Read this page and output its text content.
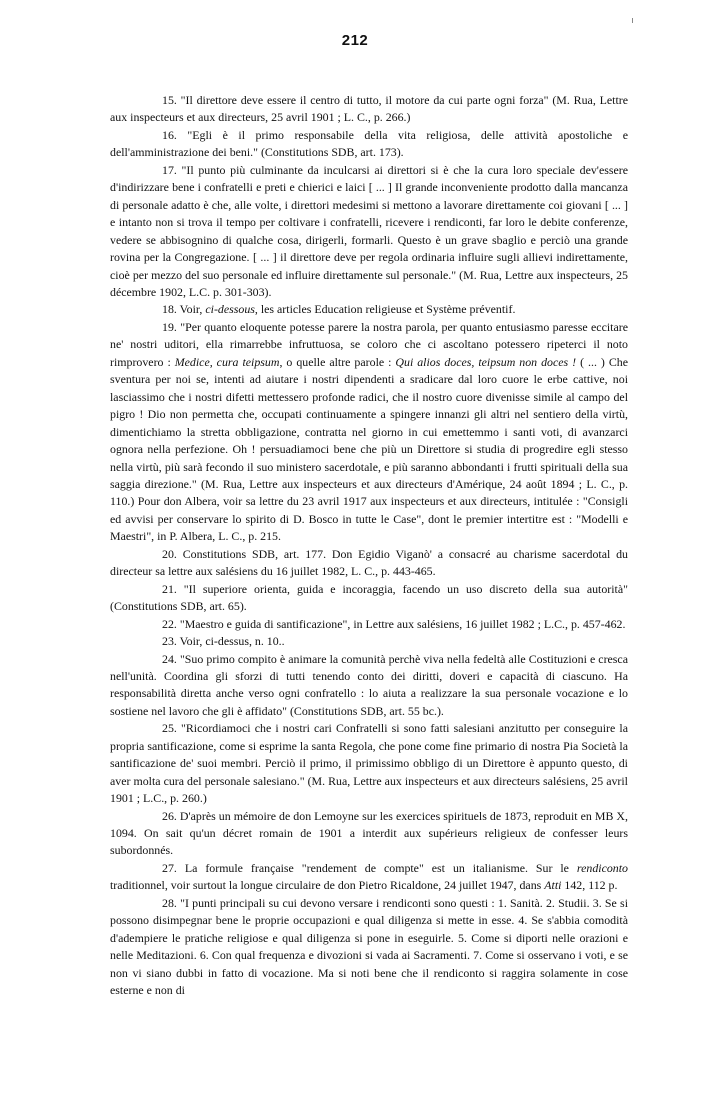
212

15. "Il direttore deve essere il centro di tutto, il motore da cui parte ogni forza" (M. Rua, Lettre aux inspecteurs et aux directeurs, 25 avril 1901 ; L. C., p. 266.)

16. "Egli è il primo responsabile della vita religiosa, delle attività apostoliche e dell'amministrazione dei beni." (Constitutions SDB, art. 173).

17. "Il punto più culminante da inculcarsi ai direttori si è che la cura loro speciale dev'essere d'indirizzare bene i confratelli e preti e chierici e laici [ ... ] Il grande inconveniente prodotto dalla mancanza di personale adatto è che, alle volte, i direttori medesimi si mettono a lavorare direttamente coi giovani [ ... ] e intanto non si trova il tempo per coltivare i confratelli, ricevere i rendiconti, far loro le debite conferenze, vedere se abbisognino di qualche cosa, dirigerli, formarli. Questo è un grave sbaglio e perciò una grande rovina per la Congregazione. [ ... ] il direttore deve per regola ordinaria influire sugli allievi indirettamente, cioè per mezzo del suo personale ed influire direttamente sul personale." (M. Rua, Lettre aux inspecteurs, 25 décembre 1902, L.C. p. 301-303).

18. Voir, ci-dessous, les articles Education religieuse et Système préventif.

19. "Per quanto eloquente potesse parere la nostra parola, per quanto entusiasmo paresse eccitare ne' nostri uditori, ella rimarrebbe infruttuosa, se coloro che ci ascoltano potessero ripeterci il noto rimprovero : Medice, cura teipsum, o quelle altre parole : Qui alios doces, teipsum non doces ! ( ... ) Che sventura per noi se, intenti ad aiutare i nostri dipendenti a sradicare dal loro cuore le erbe cattive, noi lasciassimo che i nostri difetti mettessero profonde radici, che il nostro cuore divenisse simile al campo del pigro ! Dio non permetta che, occupati continuamente a spingere innanzi gli altri nel sentiero della virtù, dimentichiamo la stretta obbligazione, contratta nel giorno in cui emettemmo i santi voti, di avanzarci ognora nella perfezione. Oh ! persuadiamoci bene che più un Direttore si studia di progredire egli stesso nella virtù, più sarà fecondo il suo ministero sacerdotale, e più saranno abbondanti i frutti spirituali della sua saggia direzione." (M. Rua, Lettre aux inspecteurs et aux directeurs d'Amérique, 24 août 1894 ; L. C., p. 110.) Pour don Albera, voir sa lettre du 23 avril 1917 aux inspecteurs et aux directeurs, intitulée : "Consigli ed avvisi per conservare lo spirito di D. Bosco in tutte le Case", dont le premier intertitre est : "Modelli e Maestri", in P. Albera, L. C., p. 215.

20. Constitutions SDB, art. 177. Don Egidio Viganò' a consacré au charisme sacerdotal du directeur sa lettre aux salésiens du 16 juillet 1982, L. C., p. 443-465.

21. "Il superiore orienta, guida e incoraggia, facendo un uso discreto della sua autorità" (Constitutions SDB, art. 65).

22. "Maestro e guida di santificazione", in Lettre aux salésiens, 16 juillet 1982 ; L.C., p. 457-462.

23. Voir, ci-dessus, n. 10..

24. "Suo primo compito è animare la comunità perchè viva nella fedeltà alle Costituzioni e cresca nell'unità. Coordina gli sforzi di tutti tenendo conto dei diritti, doveri e capacità di ciascuno. Ha responsabilità diretta anche verso ogni confratello : lo aiuta a realizzare la sua personale vocazione e lo sostiene nel lavoro che gli è affidato" (Constitutions SDB, art. 55 bc.).

25. "Ricordiamoci che i nostri cari Confratelli si sono fatti salesiani anzitutto per conseguire la propria santificazione, come si esprime la santa Regola, che pone come fine primario di nostra Pia Società la santificazione de' suoi membri. Perciò il primo, il primissimo obbligo di un Direttore è appunto questo, di aver molta cura del personale salesiano." (M. Rua, Lettre aux inspecteurs et aux directeurs salésiens, 25 avril 1901 ; L.C., p. 260.)

26. D'après un mémoire de don Lemoyne sur les exercices spirituels de 1873, reproduit en MB X, 1094. On sait qu'un décret romain de 1901 a interdit aux supérieurs religieux de confesser leurs subordonnés.

27. La formule française "rendement de compte" est un italianisme. Sur le rendiconto traditionnel, voir surtout la longue circulaire de don Pietro Ricaldone, 24 juillet 1947, dans Atti 142, 112 p.

28. "I punti principali su cui devono versare i rendiconti sono questi : 1. Sanità. 2. Studii. 3. Se si possono disimpegnar bene le proprie occupazioni e qual diligenza si mette in esse. 4. Se s'abbia comodità d'adempiere le pratiche religiose e qual diligenza si pone in eseguirle. 5. Come si diporti nelle orazioni e nelle Meditazioni. 6. Con qual frequenza e divozioni si vada ai Sacramenti. 7. Come si osservano i voti, e se non vi siano dubbi in fatto di vocazione. Ma si noti bene che il rendiconto si raggira solamente in cose esterne e non di
